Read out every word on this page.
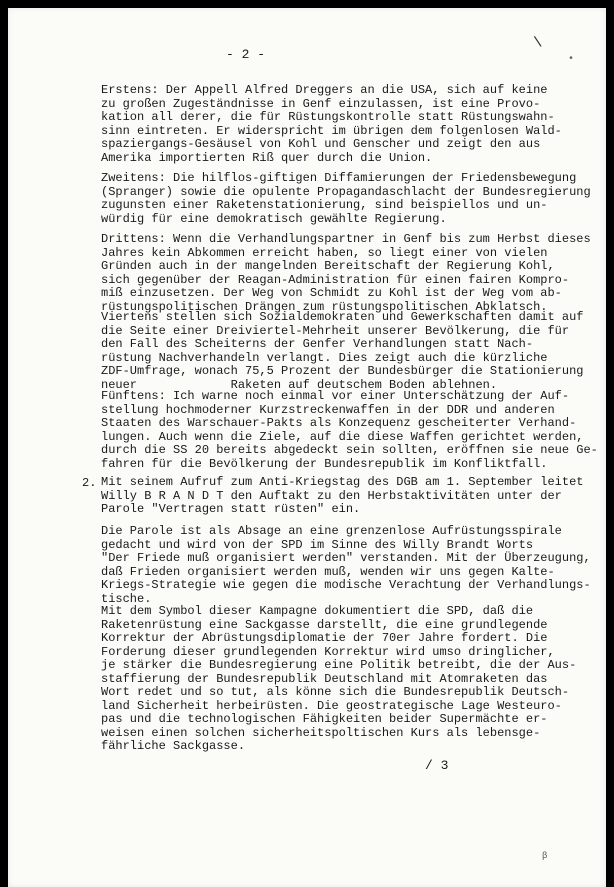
\
•
- 2 -
Erstens: Der Appell Alfred Dreggers an die USA, sich auf keine
zu großen Zugeständnisse in Genf einzulassen, ist eine Provo-
kation all derer, die für Rüstungskontrolle statt Rüstungswahn-
sinn eintreten. Er widerspricht im übrigen dem folgenlosen Wald-
spaziergangs-Gesäusel von Kohl und Genscher und zeigt den aus
Amerika importierten Riß quer durch die Union.
Zweitens: Die hilflos-giftigen Diffamierungen der Friedensbewegung
(Spranger) sowie die opulente Propagandaschlacht der Bundesregierung
zugunsten einer Raketenstationierung, sind beispiellos und un-
würdig für eine demokratisch gewählte Regierung.
Drittens: Wenn die Verhandlungspartner in Genf bis zum Herbst dieses
Jahres kein Abkommen erreicht haben, so liegt einer von vielen
Gründen auch in der mangelnden Bereitschaft der Regierung Kohl,
sich gegenüber der Reagan-Administration für einen fairen Kompro-
miß einzusetzen. Der Weg von Schmidt zu Kohl ist der Weg vom ab-
rüstungspolitischen Drängen zum rüstungspolitischen Abklatsch.
Viertens stellen sich Sozialdemokraten und Gewerkschaften damit
die Seite einer Dreiviertel-Mehrheit unserer Bevölkerung, die für
den Fall des Scheiterns der Genfer Verhandlungen statt Nach-
rüstung Nachverhandeln verlangt. Dies zeigt auch die kürzliche
ZDF-Umfrage, wonach 75,5 Prozent der Bundesbürger die Stationierung
neuer             Raketen auf deutschem Boden ablehnen.
Fünftens: Ich warne noch einmal vor einer Unterschätzung der Auf-
stellung hochmoderner Kurzstreckenwaffen in der DDR und anderen
Staaten des Warschauer-Pakts als Konzequenz gescheiterter Verhand-
lungen. Auch wenn die Ziele, auf die diese Waffen gerichtet werden,
durch die SS 20 bereits abgedeckt sein sollten, eröffnen sie neue
fahren für die Bevölkerung der Bundesrepublik im Konfliktfall.
2. Mit seinem Aufruf zum Anti-Kriegstag des DGB am 1. September leitet
Willy B R A N D T den Auftakt zu den Herbstaktivitäten unter der
Parole "Vertragen statt rüsten" ein.
Die Parole ist als Absage an eine grenzenlose Aufrüstungsspirale
gedacht und wird von der SPD im Sinne des Willy Brandt Worts
"Der Friede muß organisiert werden" verstanden. Mit der Überzeugung,
daß Frieden organisiert werden muß, wenden wir uns gegen Kalte-
Kriegs-Strategie wie gegen die modische Verachtung der Verhandlungs-
tische.
Mit dem Symbol dieser Kampagne dokumentiert die SPD, daß die
Raketenrüstung eine Sackgasse darstellt, die eine grundlegende
Korrektur der Abrüstungsdiplomatie der 70er Jahre fordert. Die
Forderung dieser grundlegenden Korrektur wird umso dringlicher,
je stärker die Bundesregierung eine Politik betreibt, die der Aus-
staffierung der Bundesrepublik Deutschland mit Atomraketen das
Wort redet und so tut, als könne sich die Bundesrepublik Deutsch-
land Sicherheit herbeirüsten. Die geostrategische Lage Westeuro-
pas und die technologischen Fähigkeiten beider Supermächte er-
weisen einen solchen sicherheitspoltischen Kurs als lebensge-
fährliche Sackgasse.
/ 3
β
